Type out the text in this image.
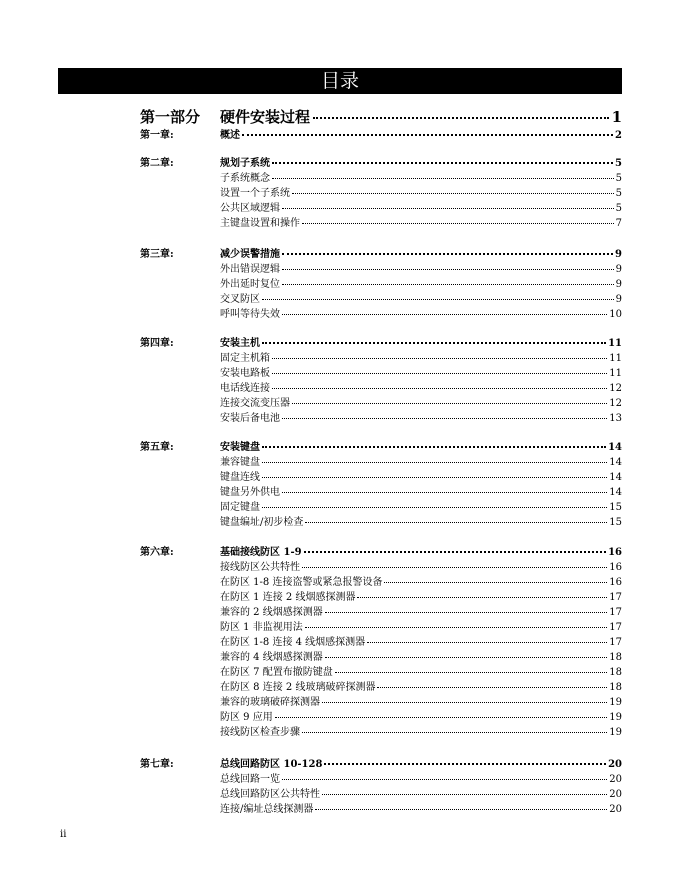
目录
第一部分	硬件安装过程	1
第一章:	概述	2
第二章:	规划子系统	5
子系统概念	5
设置一个子系统	5
公共区域逻辑	5
主键盘设置和操作	7
第三章:	减少误警措施	9
外出错误逻辑	9
外出延时复位	9
交叉防区	9
呼叫等待失效	10
第四章:	安装主机	11
固定主机箱	11
安装电路板	11
电话线连接	12
连接交流变压器	12
安装后备电池	13
第五章:	安装键盘	14
兼容键盘	14
键盘连线	14
键盘另外供电	14
固定键盘	15
键盘编址/初步检查	15
第六章:	基础接线防区 1-9	16
接线防区公共特性	16
在防区 1-8 连接盗警或紧急报警设备	16
在防区 1 连接 2 线烟感探测器	17
兼容的 2 线烟感探测器	17
防区 1 非监视用法	17
在防区 1-8 连接 4 线烟感探测器	17
兼容的 4 线烟感探测器	18
在防区 7 配置布撤防键盘	18
在防区 8 连接 2 线玻璃破碎探测器	18
兼容的玻璃破碎探测器	19
防区 9 应用	19
接线防区检查步骤	19
第七章:	总线回路防区 10-128	20
总线回路一览	20
总线回路防区公共特性	20
连接/编址总线探测器	20
ii
